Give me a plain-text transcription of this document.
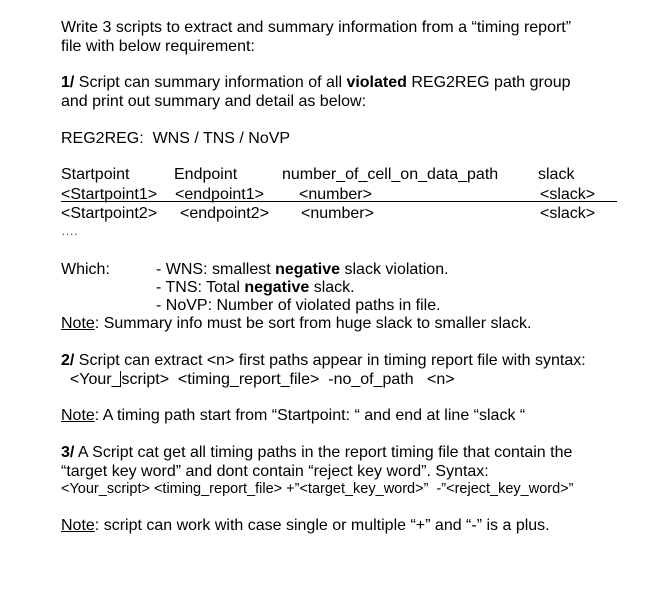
Write 3 scripts to extract and summary information from a “timing report”
file with below requirement:
1/ Script can summary information of all violated REG2REG path group
and print out summary and detail as below:
REG2REG:  WNS / TNS / NoVP
Startpoint	Endpoint	number_of_cell_on_data_path slack
<Startpoint1> <endpoint1> <number>	<slack>
<Startpoint2> <endpoint2> <number>	<slack>
….
Which:	- WNS: smallest negative slack violation.
- TNS: Total negative slack.
- NoVP: Number of violated paths in file.
Note: Summary info must be sort from huge slack to smaller slack.
2/ Script can extract <n> first paths appear in timing report file with syntax:
<Your_script>  <timing_report_file>  -no_of_path   <n>
Note: A timing path start from “Startpoint: “ and end at line “slack “
3/ A Script cat get all timing paths in the report timing file that contain the
“target key word” and dont contain “reject key word”. Syntax:
<Your_script> <timing_report_file> +”<target_key_word>”  -”<reject_key_word>”
Note: script can work with case single or multiple “+” and “-” is a plus.
